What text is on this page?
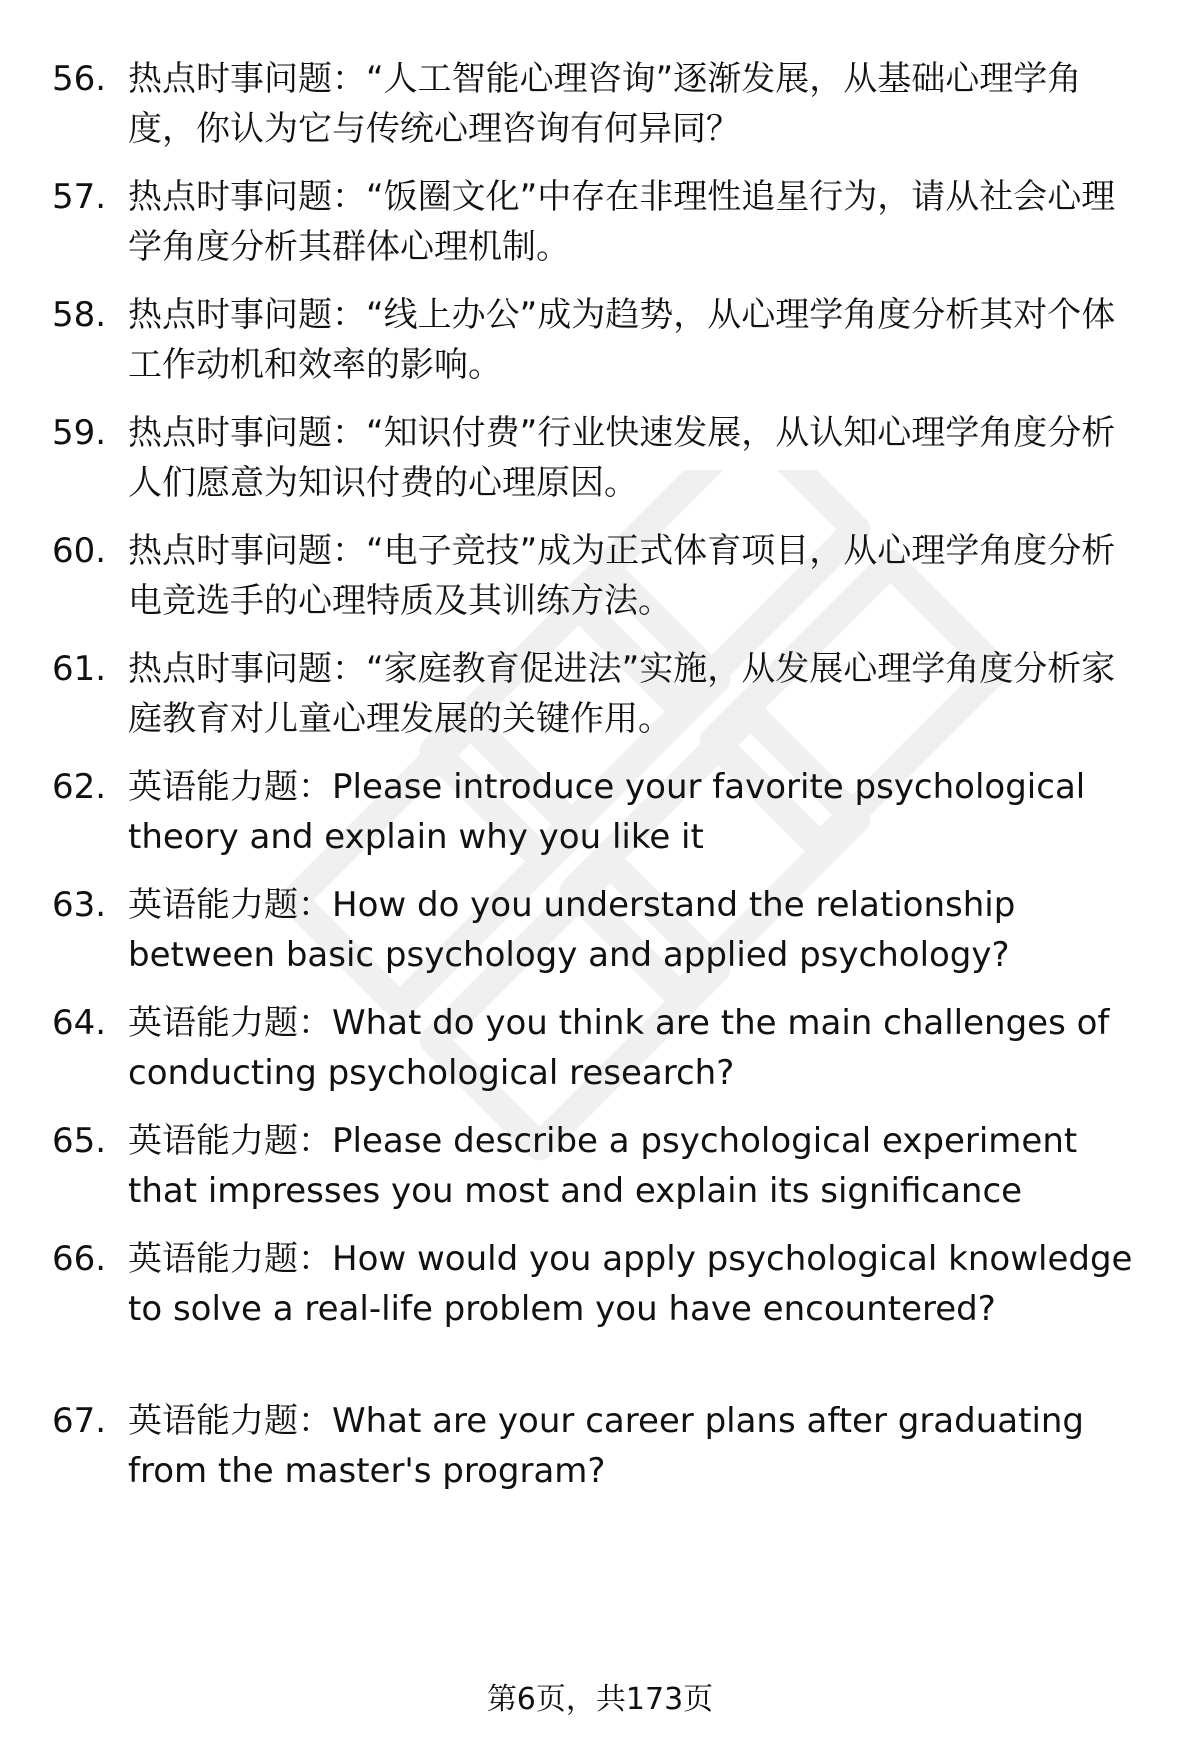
56. 热点时事问题：“人工智能心理咨询”逐渐发展，从基础心理学角度，你认为它与传统心理咨询有何异同？
57. 热点时事问题：“饭圈文化”中存在非理性追星行为，请从社会心理学角度分析其群体心理机制。
58. 热点时事问题：“线上办公”成为趋势，从心理学角度分析其对个体工作动机和效率的影响。
59. 热点时事问题：“知识付费”行业快速发展，从认知心理学角度分析人们愿意为知识付费的心理原因。
60. 热点时事问题：“电子竞技”成为正式体育项目，从心理学角度分析电竞选手的心理特质及其训练方法。
61. 热点时事问题：“家庭教育促进法”实施，从发展心理学角度分析家庭教育对儿童心理发展的关键作用。
62. 英语能力题：Please introduce your favorite psychological theory and explain why you like it
63. 英语能力题：How do you understand the relationship between basic psychology and applied psychology?
64. 英语能力题：What do you think are the main challenges of conducting psychological research?
65. 英语能力题：Please describe a psychological experiment that impresses you most and explain its significance
66. 英语能力题：How would you apply psychological knowledge to solve a real-life problem you have encountered?
67. 英语能力题：What are your career plans after graduating from the master's program?
第6页，共173页
